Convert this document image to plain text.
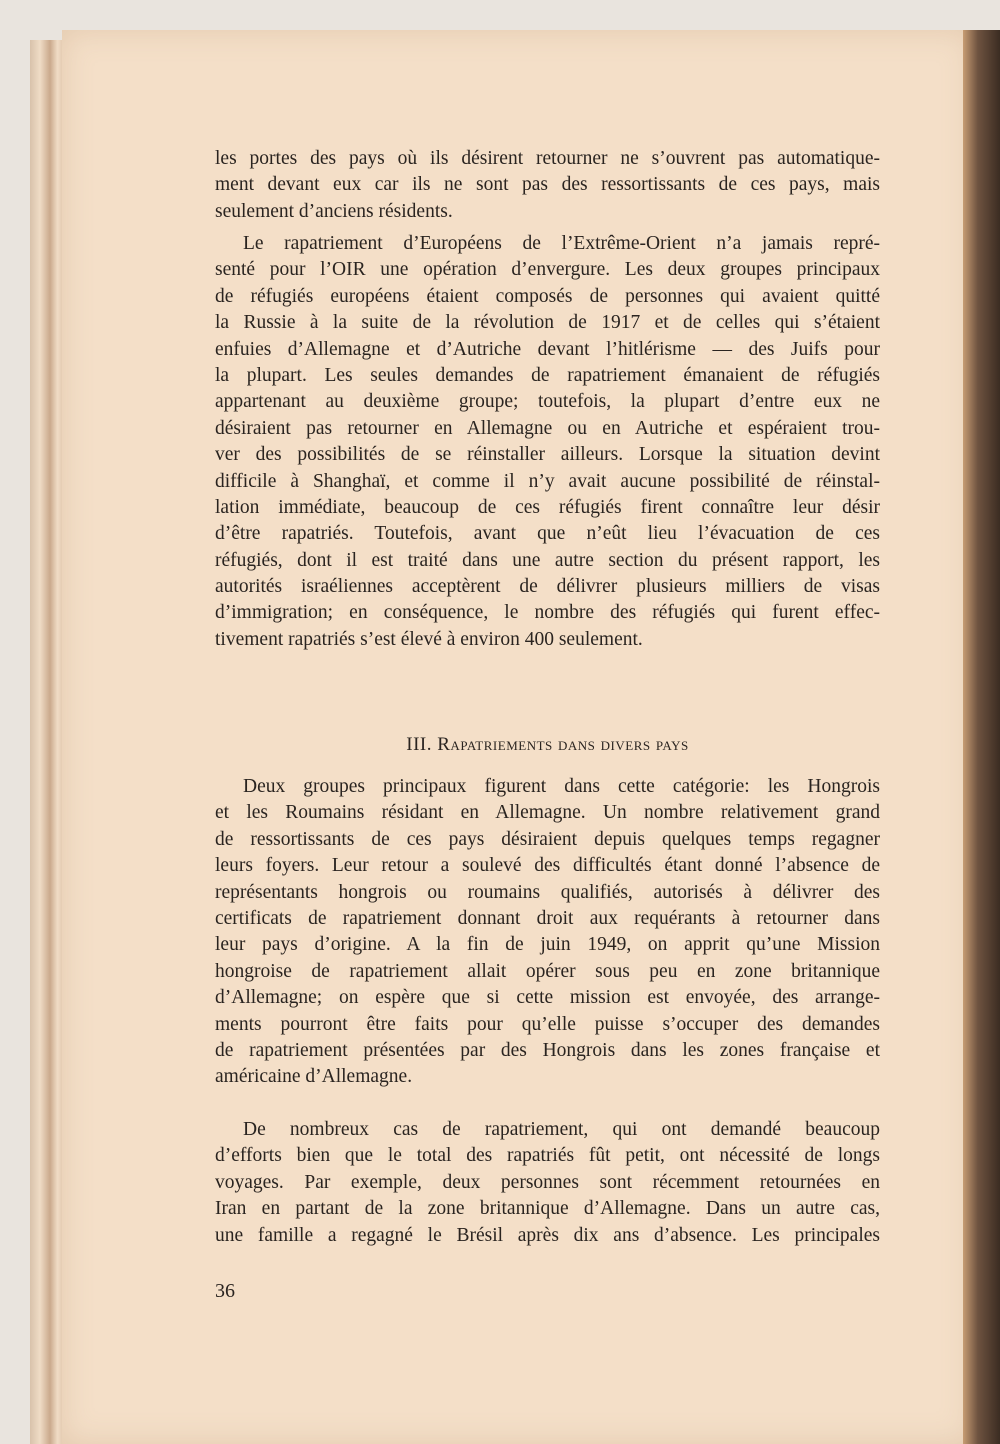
les portes des pays où ils désirent retourner ne s’ouvrent pas automatique-
ment devant eux car ils ne sont pas des ressortissants de ces pays, mais
seulement d’anciens résidents.
Le rapatriement d’Européens de l’Extrême-Orient n’a jamais repré-
senté pour l’OIR une opération d’envergure. Les deux groupes principaux
de réfugiés européens étaient composés de personnes qui avaient quitté
la Russie à la suite de la révolution de 1917 et de celles qui s’étaient
enfuies d’Allemagne et d’Autriche devant l’hitlérisme — des Juifs pour
la plupart. Les seules demandes de rapatriement émanaient de réfugiés
appartenant au deuxième groupe; toutefois, la plupart d’entre eux ne
désiraient pas retourner en Allemagne ou en Autriche et espéraient trou-
ver des possibilités de se réinstaller ailleurs. Lorsque la situation devint
difficile à Shanghaï, et comme il n’y avait aucune possibilité de réinstal-
lation immédiate, beaucoup de ces réfugiés firent connaître leur désir
d’être rapatriés. Toutefois, avant que n’eût lieu l’évacuation de ces
réfugiés, dont il est traité dans une autre section du présent rapport, les
autorités israéliennes acceptèrent de délivrer plusieurs milliers de visas
d’immigration; en conséquence, le nombre des réfugiés qui furent effec-
tivement rapatriés s’est élevé à environ 400 seulement.
III. Rapatriements dans divers pays
Deux groupes principaux figurent dans cette catégorie: les Hongrois
et les Roumains résidant en Allemagne. Un nombre relativement grand
de ressortissants de ces pays désiraient depuis quelques temps regagner
leurs foyers. Leur retour a soulevé des difficultés étant donné l’absence de
représentants hongrois ou roumains qualifiés, autorisés à délivrer des
certificats de rapatriement donnant droit aux requérants à retourner dans
leur pays d’origine. A la fin de juin 1949, on apprit qu’une Mission
hongroise de rapatriement allait opérer sous peu en zone britannique
d’Allemagne; on espère que si cette mission est envoyée, des arrange-
ments pourront être faits pour qu’elle puisse s’occuper des demandes
de rapatriement présentées par des Hongrois dans les zones française et
américaine d’Allemagne.
De nombreux cas de rapatriement, qui ont demandé beaucoup
d’efforts bien que le total des rapatriés fût petit, ont nécessité de longs
voyages. Par exemple, deux personnes sont récemment retournées en
Iran en partant de la zone britannique d’Allemagne. Dans un autre cas,
une famille a regagné le Brésil après dix ans d’absence. Les principales
36
